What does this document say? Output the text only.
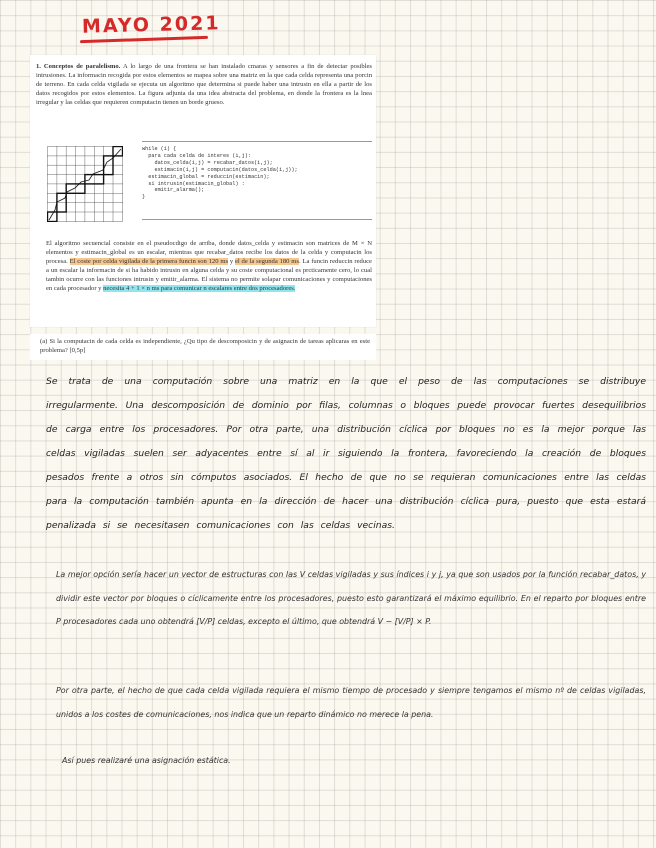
MAYO 2021

1. Conceptos de paralelismo. A lo largo de una frontera se han instalado cmaras y sensores a fin de detectar posibles intrusiones. La informacin recogida por estos elementos se mapea sobre una matriz en la que cada celda representa una porcin de terreno. En cada celda vigilada se ejecuta un algoritmo que determina si puede haber una intrusin en ella a partir de los datos recogidos por estos elementos. La figura adjunta da una idea abstracta del problema, en donde la frontera es la lnea irregular y las celdas que requieren computacin tienen un borde grueso.

while (1) {
para cada celda de interes (i,j):
datos_celda(i,j) = recabar_datos(i,j);
estimacin(i,j) = computacin(datos_celda(i,j));
estimacin_global = reduccin(estimacin);
si intrusin(estimacin_global) :
emitir_alarma();
}

El algoritmo secuencial consiste en el pseudocdigo de arriba, donde datos_celda y estimacin son matrices de M × N elementos y estimacin_global es un escalar, mientras que recabar_datos recibe los datos de la celda y computacin los procesa. El coste por celda vigilada de la primera funcin son 120 ms y el de la segunda 180 ms. La funcin reduccin reduce a un escalar la informacin de si ha habido intrusin en alguna celda y su coste computacional es prcticamente cero, lo cual tambin ocurre con las funciones intrusin y emitir_alarma. El sistema no permite solapar comunicaciones y computaciones en cada procesador y necesita 4 + 1 × n ms para comunicar n escalares entre dos procesadores.

(a) Si la computacin de cada celda es independiente, ¿Qu tipo de descomposicin y de asignacin de tareas aplicaras en este problema? [0,5p]

Se trata de una computación sobre una matriz en la que el peso de las computaciones se distribuye irregularmente. Una descomposición de dominio por filas, columnas o bloques puede provocar fuertes desequilibrios de carga entre los procesadores. Por otra parte, una distribución cíclica por bloques no es la mejor porque las celdas vigiladas suelen ser adyacentes entre sí al ir siguiendo la frontera, favoreciendo la creación de bloques pesados frente a otros sin cómputos asociados. El hecho de que no se requieran comunicaciones entre las celdas para la computación también apunta en la dirección de hacer una distribución cíclica pura, puesto que esta estará penalizada si se necesitasen comunicaciones con las celdas vecinas.

La mejor opción sería hacer un vector de estructuras con las V celdas vigiladas y sus índices i y j, ya que son usados por la función recabar_datos, y dividir este vector por bloques o cíclicamente entre los procesadores, puesto esto garantizará el máximo equilibrio. En el reparto por bloques entre P procesadores cada uno obtendrá [V/P] celdas, excepto el último, que obtendrá V − [V/P] × P.

Por otra parte, el hecho de que cada celda vigilada requiera el mismo tiempo de procesado y siempre tengamos el mismo nº de celdas vigiladas, unidos a los costes de comunicaciones, nos indica que un reparto dinámico no merece la pena.

Así pues realizaré una asignación estática.
